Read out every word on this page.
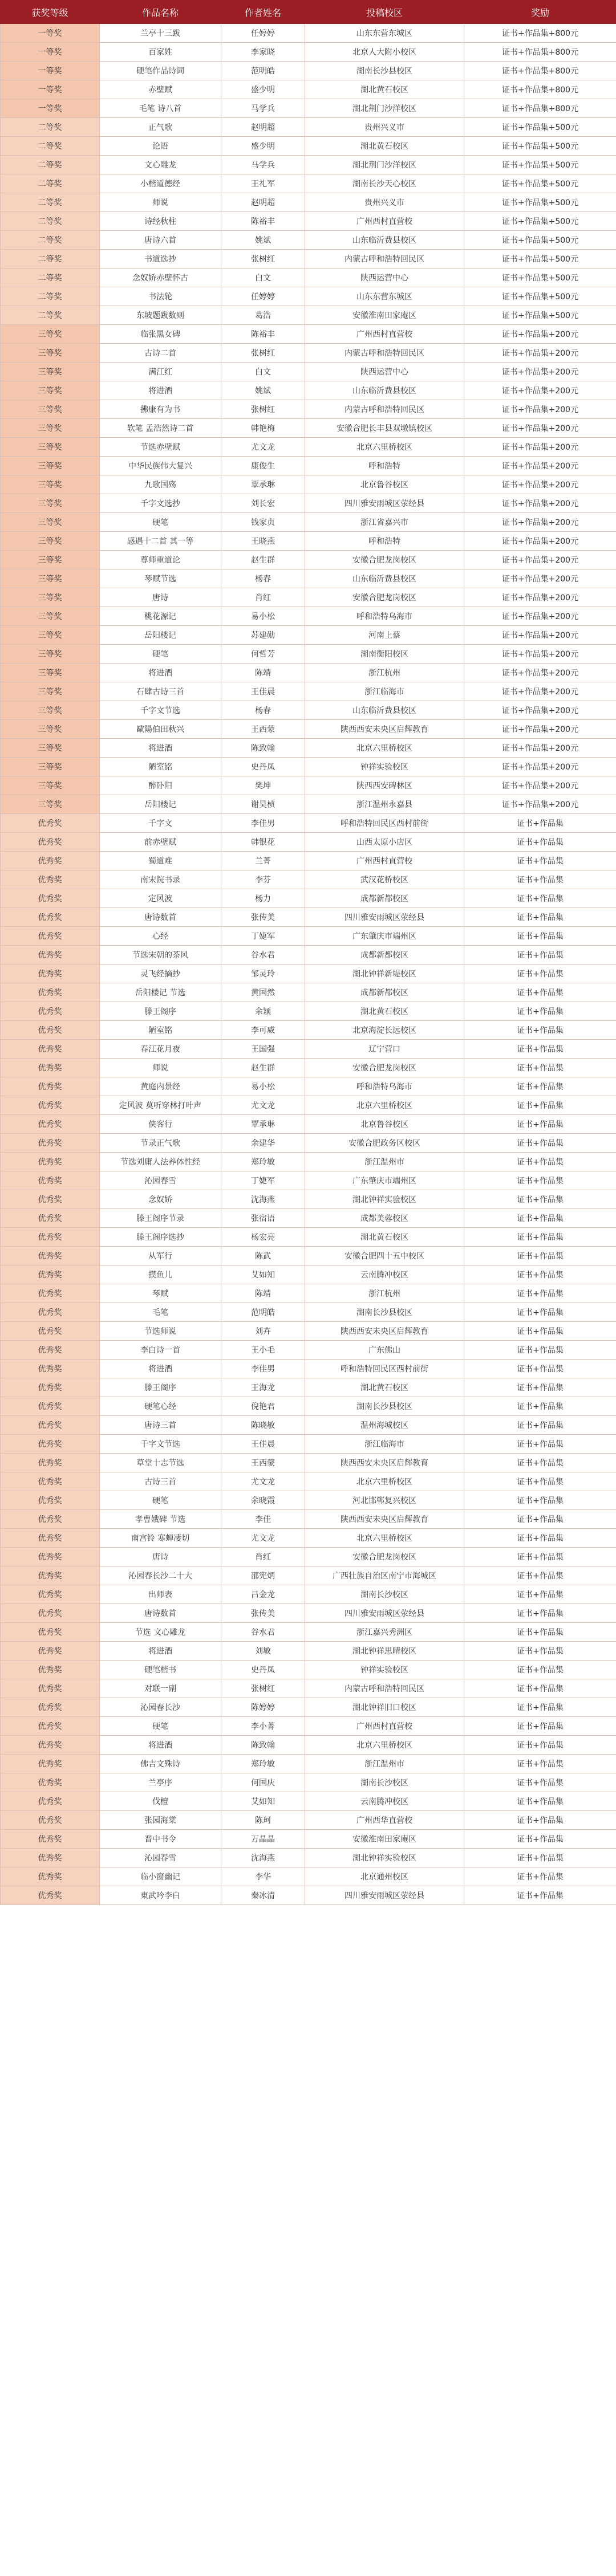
获奖等级	作品名称	作者姓名	投稿校区	奖励
一等奖	兰亭十三跋	任婷婷	山东东营东城区	证书+作品集+800元
一等奖	百家姓	李家晓	北京人大附小校区	证书+作品集+800元
一等奖	硬笔作品诗词	范明皓	湖南长沙县校区	证书+作品集+800元
一等奖	赤壁赋	盛少明	湖北黄石校区	证书+作品集+800元
一等奖	毛笔 诗八首	马学兵	湖北荆门沙洋校区	证书+作品集+800元
二等奖	正气歌	赵明超	贵州兴义市	证书+作品集+500元
二等奖	论语	盛少明	湖北黄石校区	证书+作品集+500元
二等奖	文心雕龙	马学兵	湖北荆门沙洋校区	证书+作品集+500元
二等奖	小楷道德经	王礼军	湖南长沙天心校区	证书+作品集+500元
二等奖	师说	赵明超	贵州兴义市	证书+作品集+500元
二等奖	诗经秋柱	陈裕丰	广州西村直营校	证书+作品集+500元
二等奖	唐诗六首	姚斌	山东临沂费县校区	证书+作品集+500元
二等奖	书道选抄	张树红	内蒙古呼和浩特回民区	证书+作品集+500元
二等奖	念奴娇赤壁怀古	白文	陕西运营中心	证书+作品集+500元
二等奖	书法轮	任婷婷	山东东营东城区	证书+作品集+500元
二等奖	东坡题跋数则	葛浩	安徽淮南田家庵区	证书+作品集+500元
三等奖	临张黑女碑	陈裕丰	广州西村直营校	证书+作品集+200元
三等奖	古诗二首	张树红	内蒙古呼和浩特回民区	证书+作品集+200元
三等奖	满江红	白文	陕西运营中心	证书+作品集+200元
三等奖	将进酒	姚斌	山东临沂费县校区	证书+作品集+200元
三等奖	拂康有为书	张树红	内蒙古呼和浩特回民区	证书+作品集+200元
三等奖	软笔 孟浩然诗二首	韩艳梅	安徽合肥长丰县双墩镇校区	证书+作品集+200元
三等奖	节选赤壁赋	尤文龙	北京六里桥校区	证书+作品集+200元
三等奖	中华民族伟大复兴	康俊生	呼和浩特	证书+作品集+200元
三等奖	九歌国殇	覃承琳	北京鲁谷校区	证书+作品集+200元
三等奖	千字文选抄	刘长宏	四川雅安雨城区荥经县	证书+作品集+200元
三等奖	硬笔	钱家贞	浙江省嘉兴市	证书+作品集+200元
三等奖	感遇十二首 其一等	王晓燕	呼和浩特	证书+作品集+200元
三等奖	尊师重道论	赵生群	安徽合肥龙岗校区	证书+作品集+200元
三等奖	琴赋节选	杨春	山东临沂费县校区	证书+作品集+200元
三等奖	唐诗	肖红	安徽合肥龙岗校区	证书+作品集+200元
三等奖	桃花源记	易小松	呼和浩特乌海市	证书+作品集+200元
三等奖	岳阳楼记	苏建勋	河南上蔡	证书+作品集+200元
三等奖	硬笔	何哲芳	湖南衡阳校区	证书+作品集+200元
三等奖	将进酒	陈靖	浙江杭州	证书+作品集+200元
三等奖	石肆古诗三首	王佳晨	浙江临海市	证书+作品集+200元
三等奖	千字文节选	杨春	山东临沂费县校区	证书+作品集+200元
三等奖	歐陽伯田秋兴	王西蒙	陕西西安未央区启辉教育	证书+作品集+200元
三等奖	将进酒	陈致翰	北京六里桥校区	证书+作品集+200元
三等奖	陋室铭	史丹凤	钟祥实验校区	证书+作品集+200元
三等奖	醉卧阳	樊坤	陕西西安碑林区	证书+作品集+200元
三等奖	岳阳楼记	谢昊桢	浙江温州永嘉县	证书+作品集+200元
优秀奖	千字文	李佳男	呼和浩特回民区西村前街	证书+作品集
优秀奖	前赤壁赋	韩银花	山西太原小店区	证书+作品集
优秀奖	蜀道难	兰菁	广州西村直营校	证书+作品集
优秀奖	南宋院书录	李芬	武汉花桥校区	证书+作品集
优秀奖	定风波	杨力	成都新都校区	证书+作品集
优秀奖	唐诗数首	张传美	四川雅安雨城区荥经县	证书+作品集
优秀奖	心经	丁婕军	广东肇庆市端州区	证书+作品集
优秀奖	节选宋朝的茶风	谷水君	成都新都校区	证书+作品集
优秀奖	灵飞经摘抄	邹灵玲	湖北钟祥新堤校区	证书+作品集
优秀奖	岳阳楼记 节选	黄国然	成都新都校区	证书+作品集
优秀奖	滕王阁序	余颖	湖北黄石校区	证书+作品集
优秀奖	陋室铭	李可威	北京海淀长远校区	证书+作品集
优秀奖	春江花月夜	王国强	辽宁营口	证书+作品集
优秀奖	师说	赵生群	安徽合肥龙岗校区	证书+作品集
优秀奖	黄庭内景经	易小松	呼和浩特乌海市	证书+作品集
优秀奖	定风波 莫听穿林打叶声	尤文龙	北京六里桥校区	证书+作品集
优秀奖	侠客行	覃承琳	北京鲁谷校区	证书+作品集
优秀奖	节录正气歌	余建华	安徽合肥政务区校区	证书+作品集
优秀奖	节选刘庸人法养体性经	郑玲敏	浙江温州市	证书+作品集
优秀奖	沁园春雪	丁婕军	广东肇庆市端州区	证书+作品集
优秀奖	念奴娇	沈海燕	湖北钟祥实验校区	证书+作品集
优秀奖	滕王阁序节录	张宿语	成都美蓉校区	证书+作品集
优秀奖	滕王阁序选抄	杨宏亮	湖北黄石校区	证书+作品集
优秀奖	从军行	陈武	安徽合肥四十五中校区	证书+作品集
优秀奖	摸鱼儿	艾如知	云南腾冲校区	证书+作品集
优秀奖	琴赋	陈靖	浙江杭州	证书+作品集
优秀奖	毛笔	范明皓	湖南长沙县校区	证书+作品集
优秀奖	节选师说	刘卉	陕西西安未央区启辉教育	证书+作品集
优秀奖	李白诗一首	王小毛	广东佛山	证书+作品集
优秀奖	将进酒	李佳男	呼和浩特回民区西村前街	证书+作品集
优秀奖	滕王阁序	王海龙	湖北黄石校区	证书+作品集
优秀奖	硬笔心经	倪艳君	湖南长沙县校区	证书+作品集
优秀奖	唐诗三首	陈晓敏	温州海城校区	证书+作品集
优秀奖	千字文节选	王佳晨	浙江临海市	证书+作品集
优秀奖	草堂十志节选	王西蒙	陕西西安未央区启辉教育	证书+作品集
优秀奖	古诗三首	尤文龙	北京六里桥校区	证书+作品集
优秀奖	硬笔	余晓霞	河北邯郸复兴校区	证书+作品集
优秀奖	孝曹娥碑 节选	李佳	陕西西安未央区启辉教育	证书+作品集
优秀奖	南宫铃 寒蝉凄切	尤文龙	北京六里桥校区	证书+作品集
优秀奖	唐诗	肖红	安徽合肥龙岗校区	证书+作品集
优秀奖	沁园春长沙二十大	邵宪炳	广西壮族自治区南宁市海城区	证书+作品集
优秀奖	出师表	吕金龙	湖南长沙校区	证书+作品集
优秀奖	唐诗数首	张传美	四川雅安雨城区荥经县	证书+作品集
优秀奖	节选 文心雕龙	谷水君	浙江嘉兴秀洲区	证书+作品集
优秀奖	将进酒	刘敏	湖北钟祥思晴校区	证书+作品集
优秀奖	硬笔楷书	史丹凤	钟祥实验校区	证书+作品集
优秀奖	对联一副	张树红	内蒙古呼和浩特回民区	证书+作品集
优秀奖	沁园春长沙	陈婷婷	湖北钟祥旧口校区	证书+作品集
优秀奖	硬笔	李小菁	广州西村直营校	证书+作品集
优秀奖	将进酒	陈致翰	北京六里桥校区	证书+作品集
优秀奖	佛吉文殊诗	郑玲敏	浙江温州市	证书+作品集
优秀奖	兰亭序	何国庆	湖南长沙校区	证书+作品集
优秀奖	伐檀	艾如知	云南腾冲校区	证书+作品集
优秀奖	张园海棠	陈珂	广州西华直营校	证书+作品集
优秀奖	晋中书令	万晶晶	安徽淮南田家庵区	证书+作品集
优秀奖	沁园春雪	沈海燕	湖北钟祥实验校区	证书+作品集
优秀奖	临小窗幽记	李华	北京通州校区	证书+作品集
优秀奖	東武吟李白	秦冰清	四川雅安雨城区荥经县	证书+作品集
